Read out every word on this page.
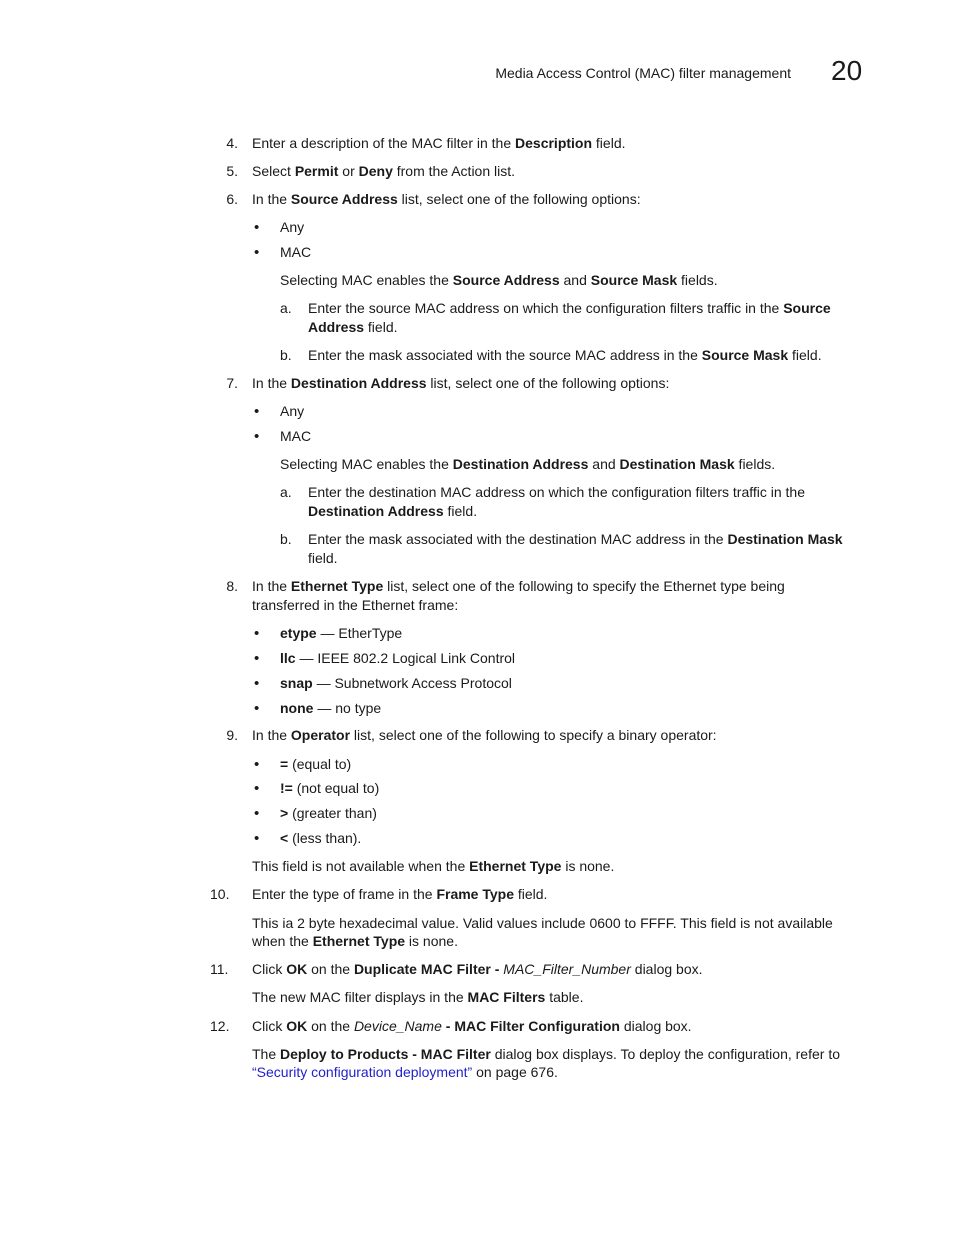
Media Access Control (MAC) filter management 20
4. Enter a description of the MAC filter in the Description field.
5. Select Permit or Deny from the Action list.
6. In the Source Address list, select one of the following options:
• Any
• MAC
Selecting MAC enables the Source Address and Source Mask fields.
a. Enter the source MAC address on which the configuration filters traffic in the Source
Address field.
b. Enter the mask associated with the source MAC address in the Source Mask field.
7. In the Destination Address list, select one of the following options:
• Any
• MAC
Selecting MAC enables the Destination Address and Destination Mask fields.
a. Enter the destination MAC address on which the configuration filters traffic in the
Destination Address field.
b. Enter the mask associated with the destination MAC address in the Destination Mask
field.
8. In the Ethernet Type list, select one of the following to specify the Ethernet type being
transferred in the Ethernet frame:
• etype — EtherType
• llc — IEEE 802.2 Logical Link Control
• snap — Subnetwork Access Protocol
• none — no type
9. In the Operator list, select one of the following to specify a binary operator:
• = (equal to)
• != (not equal to)
• > (greater than)
• < (less than).
This field is not available when the Ethernet Type is none.
10.	Enter the type of frame in the Frame Type field.
This ia 2 byte hexadecimal value. Valid values include 0600 to FFFF. This field is not available
when the Ethernet Type is none.
11.	Click OK on the Duplicate MAC Filter - MAC_Filter_Number dialog box.
The new MAC filter displays in the MAC Filters table.
12.	Click OK on the Device_Name - MAC Filter Configuration dialog box.
The Deploy to Products - MAC Filter dialog box displays. To deploy the configuration, refer to
“Security configuration deployment” on page 676.
